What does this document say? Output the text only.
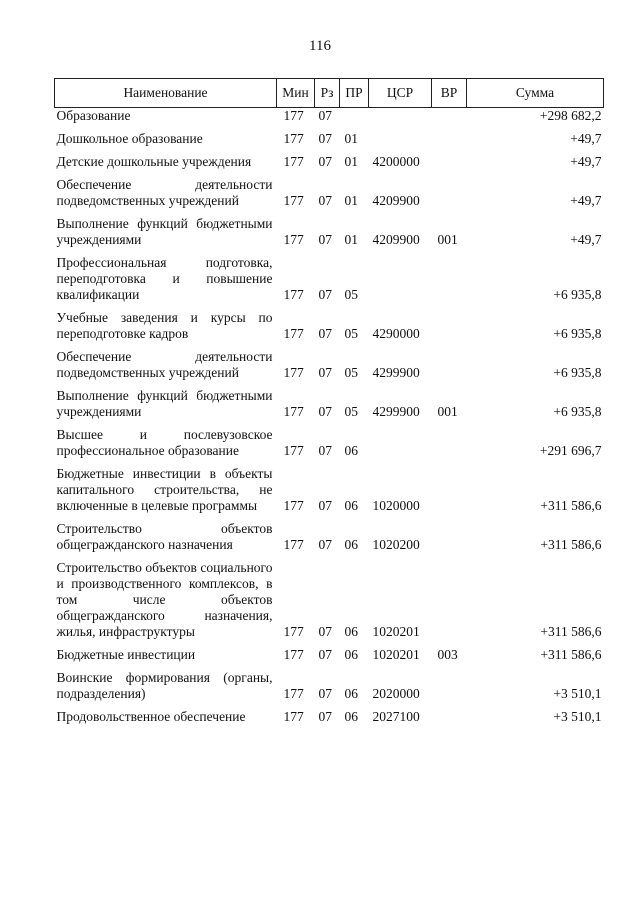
116
Наименование	Мин	Рз	ПР	ЦСР	ВР	Сумма
Образование	177	07				+298 682,2
Дошкольное образование	177	07	01			+49,7
Детские дошкольные учреждения	177	07	01	4200000		+49,7
Обеспечение деятельности подведомственных учреждений	177	07	01	4209900		+49,7
Выполнение функций бюджетными учреждениями	177	07	01	4209900	001	+49,7
Профессиональная подготовка, переподготовка и повышение квалификации	177	07	05			+6 935,8
Учебные заведения и курсы по переподготовке кадров	177	07	05	4290000		+6 935,8
Обеспечение деятельности подведомственных учреждений	177	07	05	4299900		+6 935,8
Выполнение функций бюджетными учреждениями	177	07	05	4299900	001	+6 935,8
Высшее и послевузовское профессиональное образование	177	07	06			+291 696,7
Бюджетные инвестиции в объекты капитального строительства, не включенные в целевые программы	177	07	06	1020000		+311 586,6
Строительство объектов общегражданского назначения	177	07	06	1020200		+311 586,6
Строительство объектов социального и производственного комплексов, в том числе объектов общегражданского назначения, жилья, инфраструктуры	177	07	06	1020201		+311 586,6
Бюджетные инвестиции	177	07	06	1020201	003	+311 586,6
Воинские формирования (органы, подразделения)	177	07	06	2020000		+3 510,1
Продовольственное обеспечение	177	07	06	2027100		+3 510,1
